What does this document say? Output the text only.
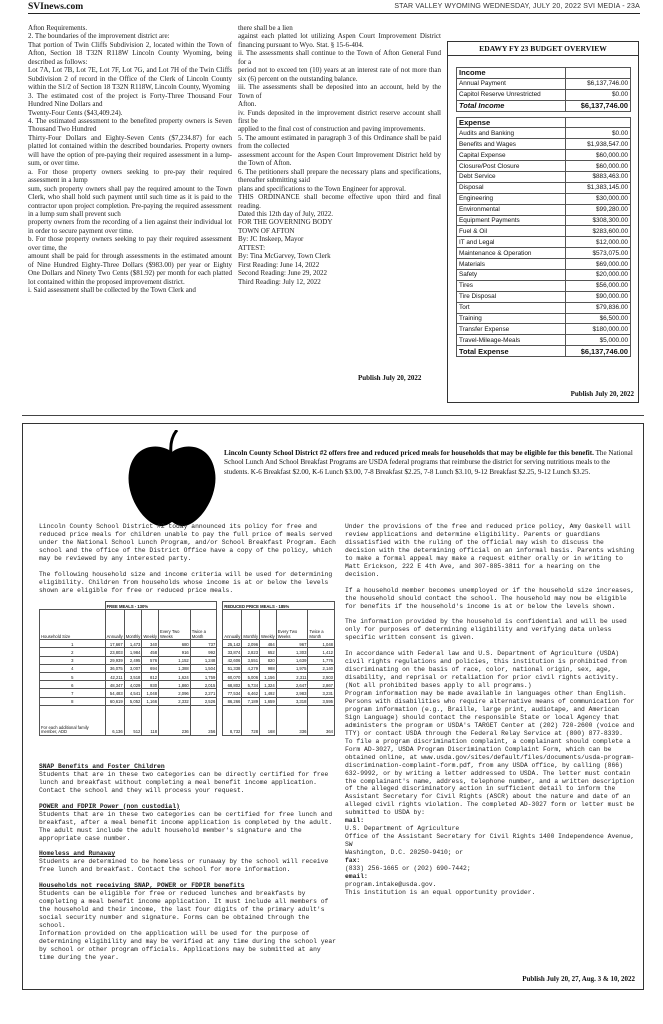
SVInews.com	STAR VALLEY WYOMING WEDNESDAY, JULY 20, 2022 SVI MEDIA - 23A

Afton Requirements.

2. The boundaries of the improvement district are:

That portion of Twin Cliffs Subdivision 2, located within the Town of Afton, Section 18 T32N R118W Lincoln County Wyoming, being described as follows:

Lot 7A, Lot 7B, Lot 7E, Lot 7F, Lot 7G, and Lot 7H of the Twin Cliffs Subdivision 2 of record in the Office of the Clerk of Lincoln County within the S1/2 of Section 18 T32N R118W, Lincoln County, Wyoming

3. The estimated cost of the project is Forty-Three Thousand Four Hundred Nine Dollars and

Twenty-Four Cents ($43,409.24).

4. The estimated assessment to the benefited property owners is Seven Thousand Two Hundred

Thirty-Four Dollars and Eighty-Seven Cents ($7,234.87) for each platted lot contained within the described boundaries. Property owners will have the option of pre-paying their required assessment in a lump-sum, or over time.

a. For those property owners seeking to pre-pay their required assessment in a lump

sum, such property owners shall pay the required amount to the Town Clerk, who shall hold such payment until such time as it is paid to the contractor upon project completion. Pre-paying the required assessment in a lump sum shall prevent such

property owners from the recording of a lien against their individual lot in order to secure payment over time.

b. For those property owners seeking to pay their required assessment over time, the

amount shall be paid for through assessments in the estimated amount of Nine Hundred Eighty-Three Dollars ($983.00) per year or Eighty One Dollars and Ninety Two Cents ($81.92) per month for each platted lot contained within the proposed improvement district.

i. Said assessment shall be collected by the Town Clerk and

there shall be a lien

against each platted lot utilizing Aspen Court Improvement District financing pursuant to Wyo. Stat. § 15-6-404.

ii. The assessments shall continue to the Town of Afton General Fund for a

period not to exceed ten (10) years at an interest rate of not more than six (6) percent on the outstanding balance.

iii. The assessments shall be deposited into an account, held by the Town of

Afton.

iv. Funds deposited in the improvement district reserve account shall first be

applied to the final cost of construction and paving improvements.

5. The amount estimated in paragraph 3 of this Ordinance shall be paid from the collected

assessment account for the Aspen Court Improvement District held by the Town of Afton.

6. The petitioners shall prepare the necessary plans and specifications, thereafter submitting said

plans and specifications to the Town Engineer for approval.

THIS ORDINANCE shall become effective upon third and final reading.

Dated this 12th day of July, 2022.

FOR THE GOVERNING BODY

TOWN OF AFTON

By: JC Inskeep, Mayor

ATTEST:

By: Tina McGarvey, Town Clerk

First Reading: June 14, 2022

Second Reading: June 29, 2022

Third Reading: July 12, 2022

Publish July 20, 2022
EDAWY FY 23 BUDGET OVERVIEW
Income	
Annual Payment	$6,137,746.00
Capitol Reserve Unrestricted	$0.00
Total Income	$6,137,746.00

Expense	
Audits and Banking	$0.00
Benefits and Wages	$1,938,547.00
Capital Expense	$60,000.00
Closure/Post Closure	$60,000.00
Debt Service	$883,463.00
Disposal	$1,383,145.00
Engineering	$30,000.00
Environmental	$99,280.00
Equipment Payments	$308,300.00
Fuel & Oil	$283,600.00
IT and Legal	$12,000.00
Maintenance & Operation	$573,075.00
Materials	$69,000.00
Safety	$20,000.00
Tires	$56,000.00
Tire Disposal	$90,000.00
Tort	$79,836.00
Training	$6,500.00
Transfer Expense	$180,000.00
Travel-Mileage-Meals	$5,000.00
Total Expense	$6,137,746.00
Publish July 20, 2022
Lincoln County School District #2 offers free and reduced priced meals for households that may be eligible for this benefit. The National School Lunch And School Breakfast Programs are USDA federal programs that reimburse the district for serving nutritious meals to the students. K-6 Breakfast $2.00, K-6 Lunch $3.00, 7-8 Breakfast $2.25, 7-8 Lunch $3.10, 9-12 Breakfast $2.25, 9-12 Lunch $3.25.

Lincoln County School District #2 today announced its policy for free and reduced price meals for children unable to pay the full price of meals served under the National School Lunch Program, and/or School Breakfast Program. Each school and the office of the District Office have a copy of the policy, which may be reviewed by any interested party.

The following household size and income criteria will be used for determining eligibility. Children from households whose income is at or below the levels shown are eligible for free or reduced price meals.

	FREE MEALS - 130%						REDUCED PRICE MEALS - 185%				
Household Size	Annually	Monthly	Weekly	Every Two Weeks	Twice a Month		Annually	Monthly	Weekly	Every Two Weeks	Twice a Month
1	17,667	1,473	340	680	737		25,142	2,096	484	967	1,048
2	23,803	1,984	458	916	992		33,874	2,823	652	1,303	1,412
3	29,939	2,495	576	1,152	1,248		42,606	3,551	820	1,639	1,776
4	36,075	3,007	694	1,388	1,504		51,338	4,279	988	1,975	2,140
5	42,211	3,518	812	1,624	1,759		60,070	5,006	1,156	2,311	2,503
6	48,347	4,029	930	1,860	2,015		68,802	5,734	1,324	2,647	2,867
7	54,483	4,541	1,048	2,096	2,271		77,534	6,462	1,492	2,983	3,231
8	60,619	5,052	1,166	2,332	2,526		86,266	7,189	1,659	3,318	3,595
For each additional family member, ADD	6,136	512	118	236	256		8,732	728	168	336	364

SNAP Benefits and Foster Children

Students that are in these two categories can be directly certified for free lunch and breakfast without completing a meal benefit income application. Contact the school and they will process your request.

POWER and FDPIR Power (non custodial)

Students that are in these two categories can be certified for free lunch and breakfast, after a meal benefit income application is completed by the adult. The adult must include the adult household member's signature and the appropriate case number.

Homeless and Runaway

Students are determined to be homeless or runaway by the school will receive free lunch and breakfast. Contact the school for more information.

Households not receiving SNAP, POWER or FDPIR benefits

Students can be eligible for free or reduced lunches and breakfasts by completing a meal benefit income application. It must include all members of the household and their income, the last four digits of the primary adult's social security number and signature. Forms can be obtained through the school.

Information provided on the application will be used for the purpose of determining eligibility and may be verified at any time during the school year by school or other program officials. Applications may be submitted at any time during the year.

Under the provisions of the free and reduced price policy, Amy Gaskell will review applications and determine eligibility. Parents or guardians dissatisfied with the ruling of the official may wish to discuss the decision with the determining official on an informal basis. Parents wishing to make a formal appeal may make a request either orally or in writing to Matt Erickson, 222 E 4th Ave, and 307-885-3811 for a hearing on the decision.

If a household member becomes unemployed or if the household size increases, the household should contact the school. The household may now be eligible for benefits if the household's income is at or below the levels shown.

The information provided by the household is confidential and will be used only for purposes of determining eligibility and verifying data unless specific written consent is given.

In accordance with Federal law and U.S. Department of Agriculture (USDA) civil rights regulations and policies, this institution is prohibited from discriminating on the basis of race, color, national origin, sex, age, disability, and reprisal or retaliation for prior civil rights activity. (Not all prohibited bases apply to all programs.)

Program information may be made available in languages other than English. Persons with disabilities who require alternative means of communication for program information (e.g., Braille, large print, audiotape, and American Sign Language) should contact the responsible State or local Agency that administers the program or USDA's TARGET Center at (202) 720-2600 (voice and TTY) or contact USDA through the Federal Relay Service at (800) 877-8339.

To file a program discrimination complaint, a complainant should complete a Form AD-3027, USDA Program Discrimination Complaint Form, which can be obtained online, at www.usda.gov/sites/default/files/documents/usda-program-discrimination-complaint-form.pdf, from any USDA office, by calling (866) 632-9992, or by writing a letter addressed to USDA. The letter must contain the complainant's name, address, telephone number, and a written description of the alleged discriminatory action in sufficient detail to inform the Assistant Secretary for Civil Rights (ASCR) about the nature and date of an alleged civil rights violation. The completed AD-3027 form or letter must be submitted to USDA by:

mail:

U.S. Department of Agriculture

Office of the Assistant Secretary for Civil Rights 1400 Independence Avenue, SW

Washington, D.C. 20250-9410; or

fax:

(833) 256-1665 or (202) 690-7442;

email:

program.intake@usda.gov.

This institution is an equal opportunity provider.

Publish July 20, 27, Aug. 3 & 10, 2022
